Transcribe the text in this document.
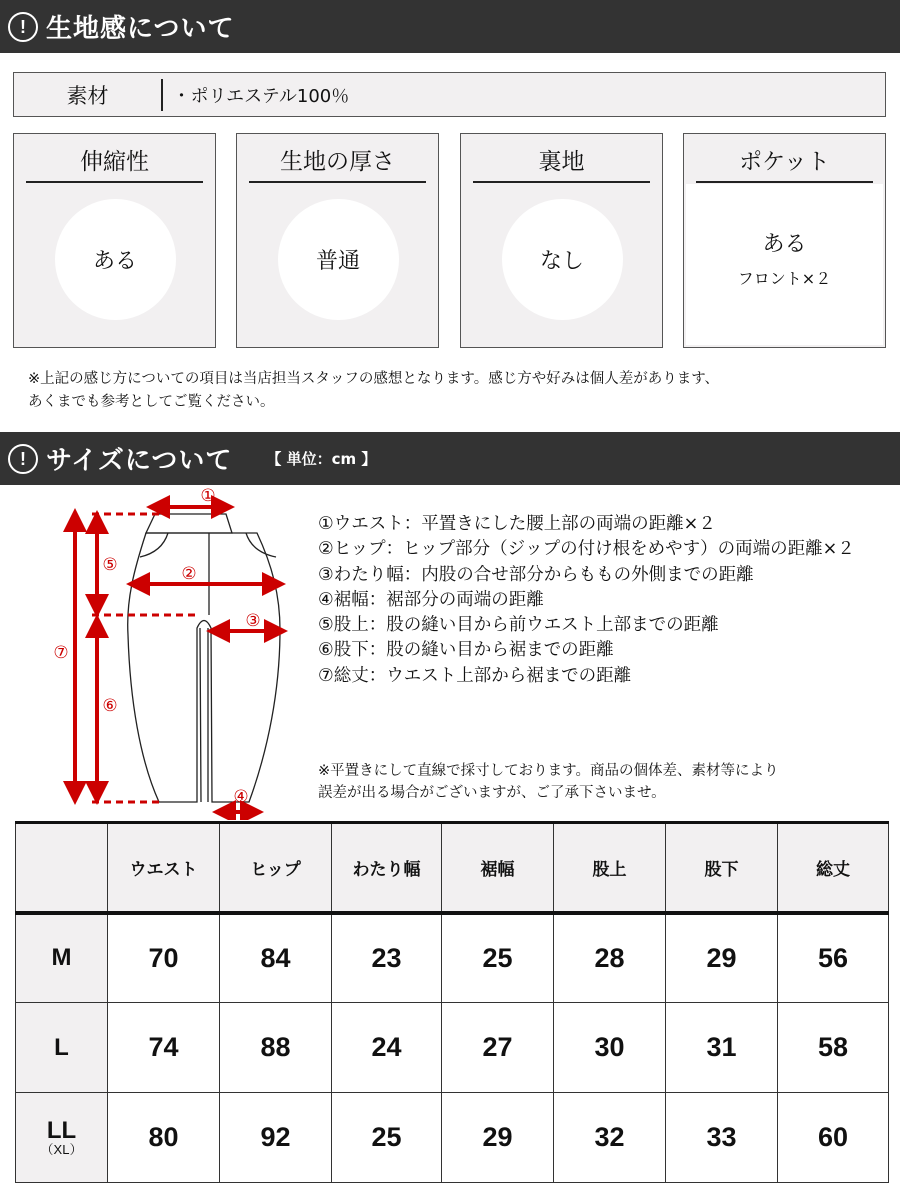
! 生地感について
素材	・ポリエステル100％
伸縮性
ある
生地の厚さ
普通
裏地
なし
ある
フロント×２
ポケット
※上記の感じ方についての項目は当店担当スタッフの感想となります。感じ方や好みは個人差があります、
あくまでも参考としてご覧ください。
! サイズについて 【 単位：cm 】
①
②
③
④
⑤
⑥
⑦
①ウエスト：平置きにした腰上部の両端の距離×２
②ヒップ：ヒップ部分（ジップの付け根をめやす）の両端の距離×２
③わたり幅：内股の合せ部分からももの外側までの距離
④裾幅：裾部分の両端の距離
⑤股上：股の縫い目から前ウエスト上部までの距離
⑥股下：股の縫い目から裾までの距離
⑦総丈：ウエスト上部から裾までの距離
※平置きにして直線で採寸しております。商品の個体差、素材等により
誤差が出る場合がございますが、ご了承下さいませ。
	ウエスト	ヒップ	わたり幅	裾幅	股上	股下	総丈

M	70	84	23	25	28	29	56

L	74	88	24	27	30	31	58

LL
（XL）	80	92	25	29	32	33	60
